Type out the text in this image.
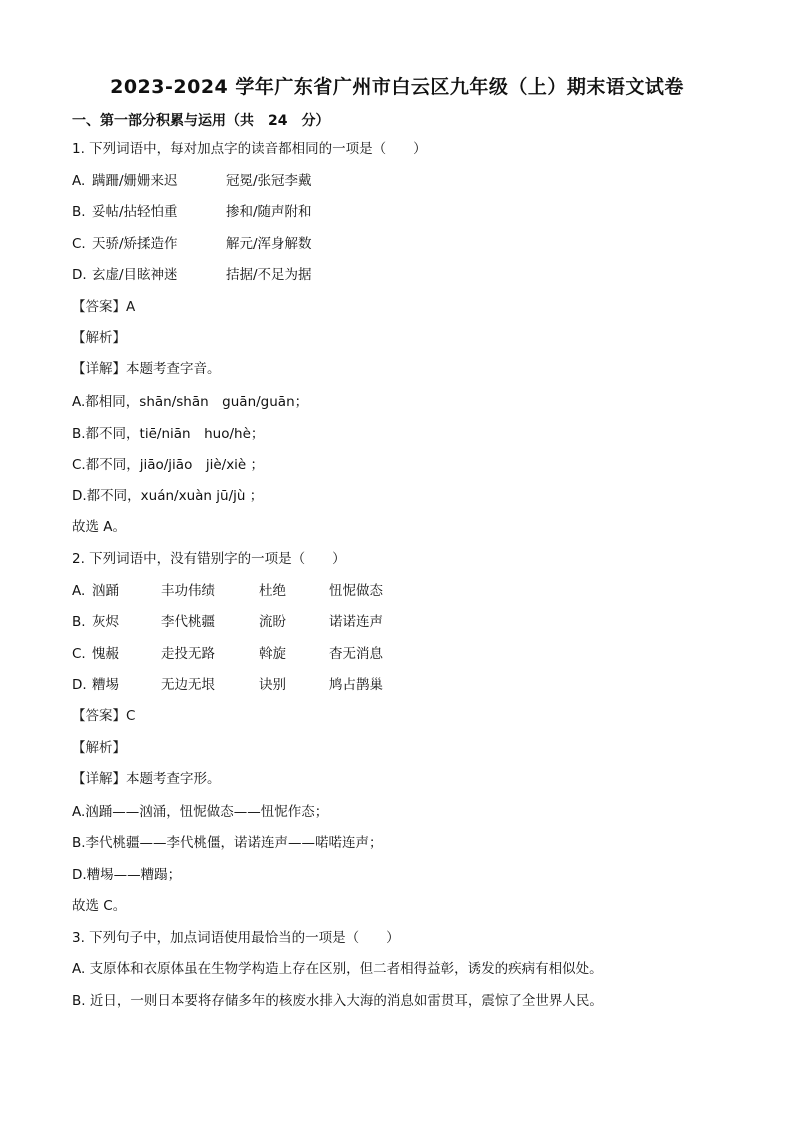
2023-2024 学年广东省广州市白云区九年级（上）期末语文试卷
一、第一部分积累与运用（共　24　分）
1. 下列词语中，每对加点字的读音都相同的一项是（　　）
A. 蹒跚/姗姗来迟	冠冕/张冠李戴
B. 妥帖/拈轻怕重	掺和/随声附和
C. 天骄/矫揉造作	解元/浑身解数
D. 玄虚/目眩神迷	拮据/不足为据
【答案】A
【解析】
【详解】本题考查字音。
A.都相同，shān/shān　guān/guān；
B.都不同，tiē/niān　huo/hè；
C.都不同，jiāo/jiāo　jiè/xiè ；
D.都不同，xuán/xuàn jū/jù ；
故选 A。
2. 下列词语中，没有错别字的一项是（　　）
A. 汹踊	丰功伟绩	杜绝	忸怩做态
B. 灰烬	李代桃疆	流盼	诺诺连声
C. 愧赧	走投无路	斡旋	杳无消息
D. 糟埸	无边无垠	诀别	鸠占鹊巢
【答案】C
【解析】
【详解】本题考查字形。
A.汹踊——汹涌，忸怩做态——忸怩作态；
B.李代桃疆——李代桃僵，诺诺连声——喏喏连声；
D.糟埸——糟蹋；
故选 C。
3. 下列句子中，加点词语使用最恰当的一项是（　　）
A. 支原体和衣原体虽在生物学构造上存在区别，但二者相得益彰，诱发的疾病有相似处。
B. 近日，一则日本要将存储多年的核废水排入大海的消息如雷贯耳，震惊了全世界人民。
